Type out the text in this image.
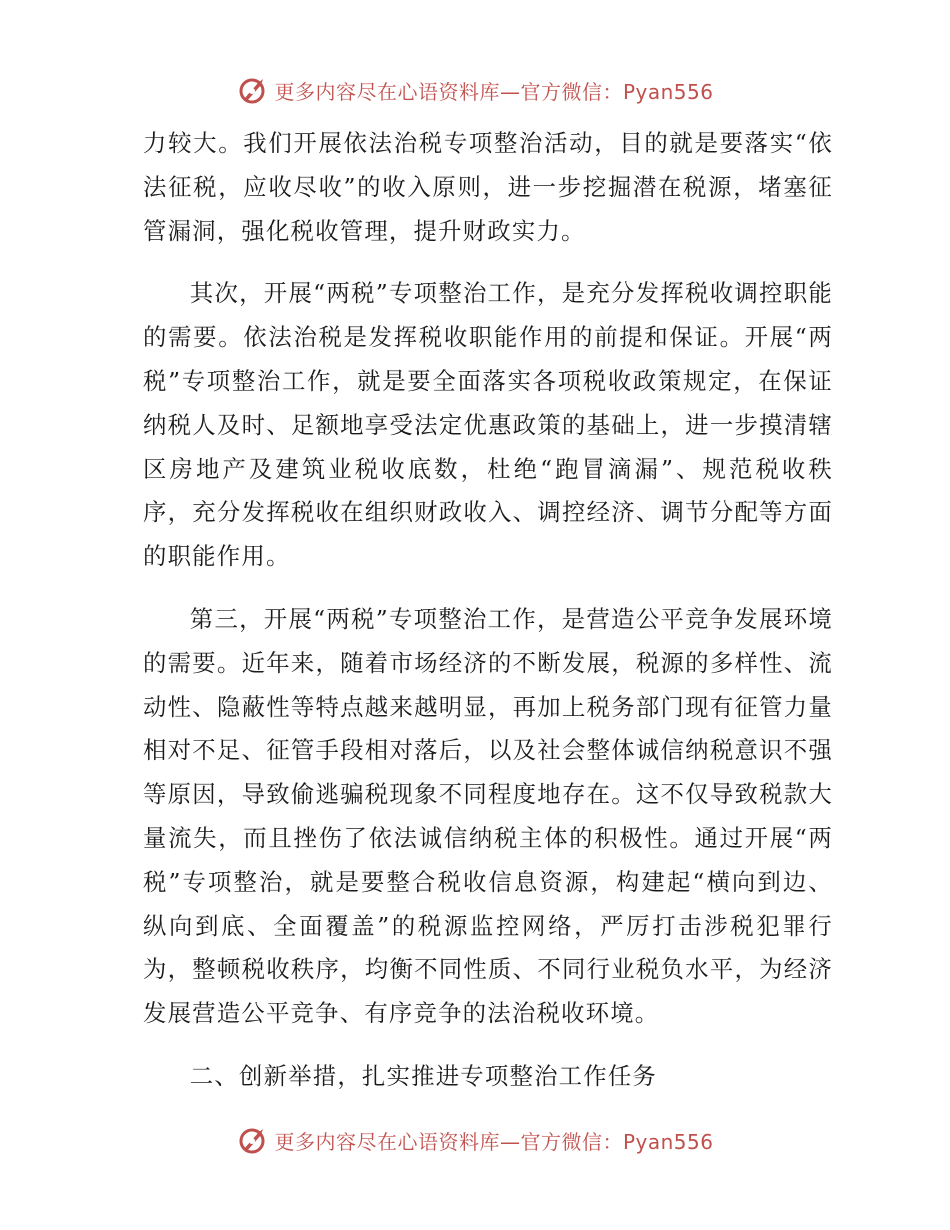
更多内容尽在心语资料库—官方微信：Pyan556

力较大。我们开展依法治税专项整治活动，目的就是要落实“依法征税，应收尽收”的收入原则，进一步挖掘潜在税源，堵塞征管漏洞，强化税收管理，提升财政实力。

其次，开展“两税”专项整治工作，是充分发挥税收调控职能的需要。依法治税是发挥税收职能作用的前提和保证。开展“两税”专项整治工作，就是要全面落实各项税收政策规定，在保证纳税人及时、足额地享受法定优惠政策的基础上，进一步摸清辖区房地产及建筑业税收底数，杜绝“跑冒滴漏”、规范税收秩序，充分发挥税收在组织财政收入、调控经济、调节分配等方面的职能作用。

第三，开展“两税”专项整治工作，是营造公平竞争发展环境的需要。近年来，随着市场经济的不断发展，税源的多样性、流动性、隐蔽性等特点越来越明显，再加上税务部门现有征管力量相对不足、征管手段相对落后，以及社会整体诚信纳税意识不强等原因，导致偷逃骗税现象不同程度地存在。这不仅导致税款大量流失，而且挫伤了依法诚信纳税主体的积极性。通过开展“两税”专项整治，就是要整合税收信息资源，构建起“横向到边、纵向到底、全面覆盖”的税源监控网络，严厉打击涉税犯罪行为，整顿税收秩序，均衡不同性质、不同行业税负水平，为经济发展营造公平竞争、有序竞争的法治税收环境。

二、创新举措，扎实推进专项整治工作任务

更多内容尽在心语资料库—官方微信：Pyan556
